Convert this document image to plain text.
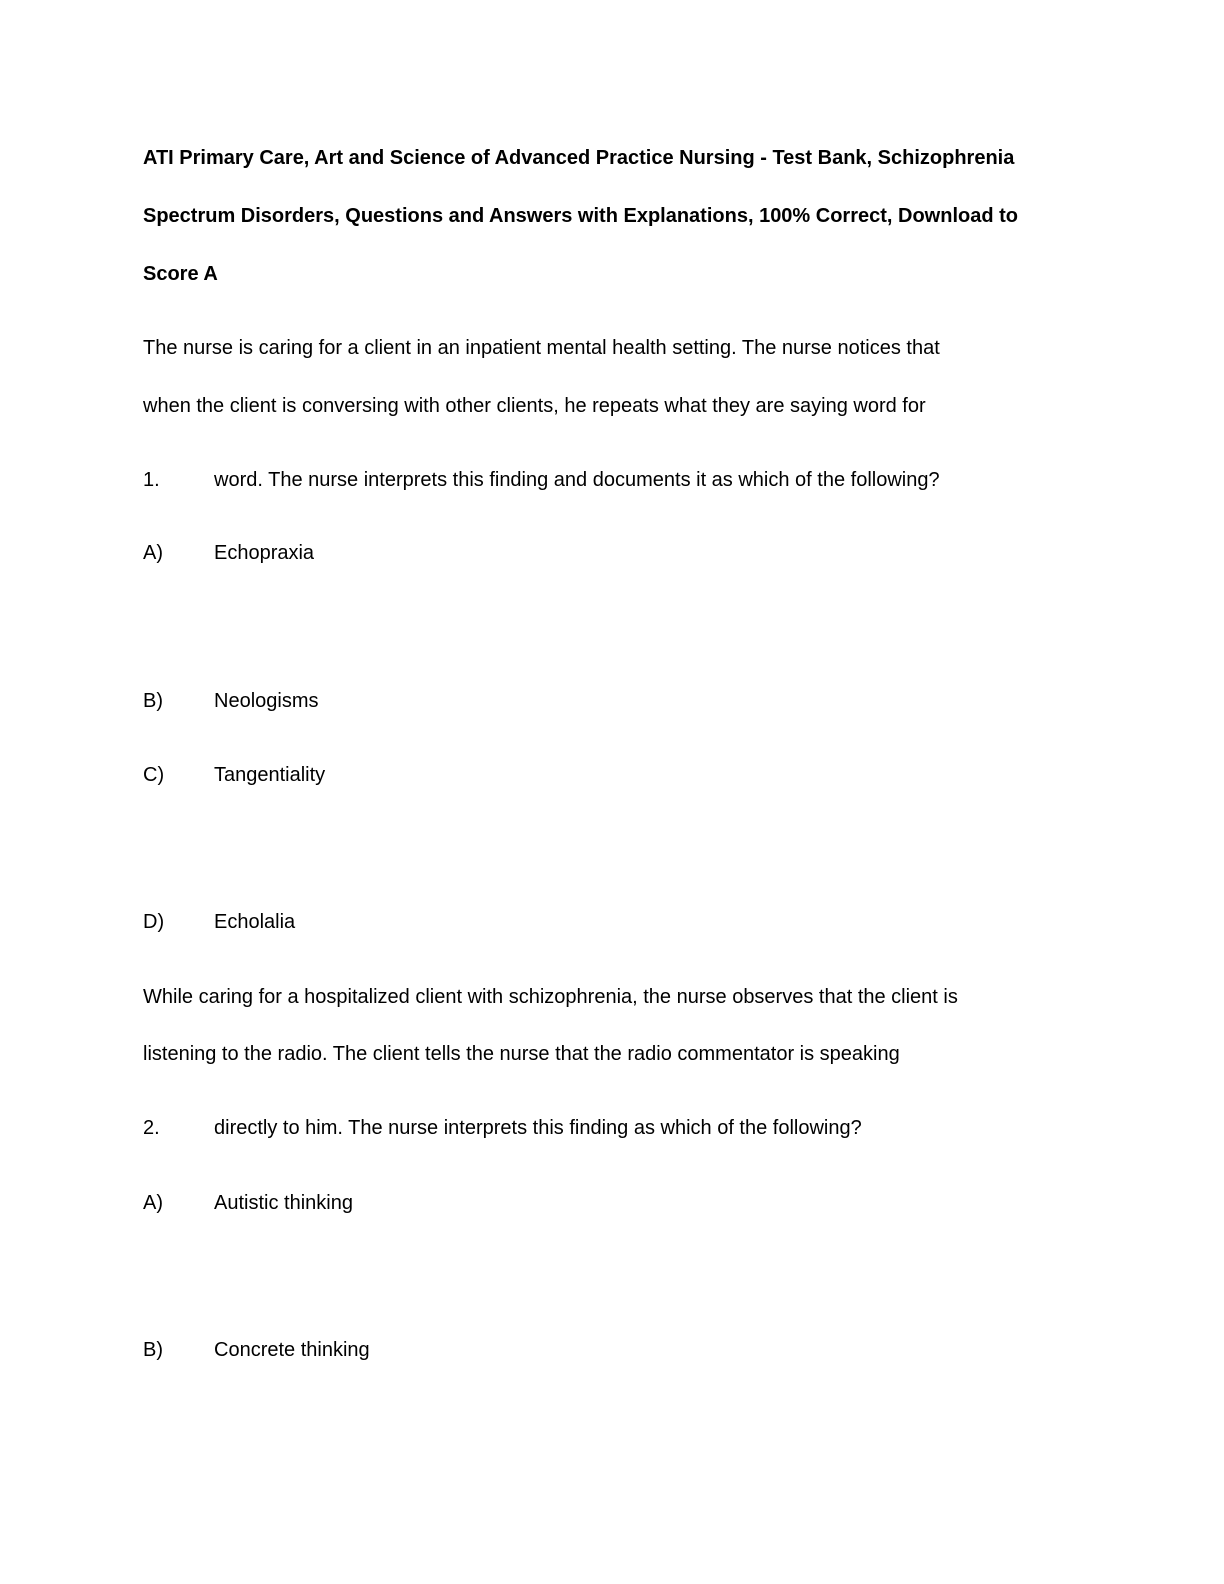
ATI Primary Care, Art and Science of Advanced Practice Nursing - Test Bank, Schizophrenia
Spectrum Disorders, Questions and Answers with Explanations, 100% Correct, Download to
Score A
The nurse is caring for a client in an inpatient mental health setting. The nurse notices that
when the client is conversing with other clients, he repeats what they are saying word for
1.	word. The nurse interprets this finding and documents it as which of the following?
A)	Echopraxia
B)	Neologisms
C) Tangentiality
D) Echolalia
While caring for a hospitalized client with schizophrenia, the nurse observes that the client is
listening to the radio. The client tells the nurse that the radio commentator is speaking
2.	directly to him. The nurse interprets this finding as which of the following?
A)	Autistic thinking
B)	Concrete thinking
